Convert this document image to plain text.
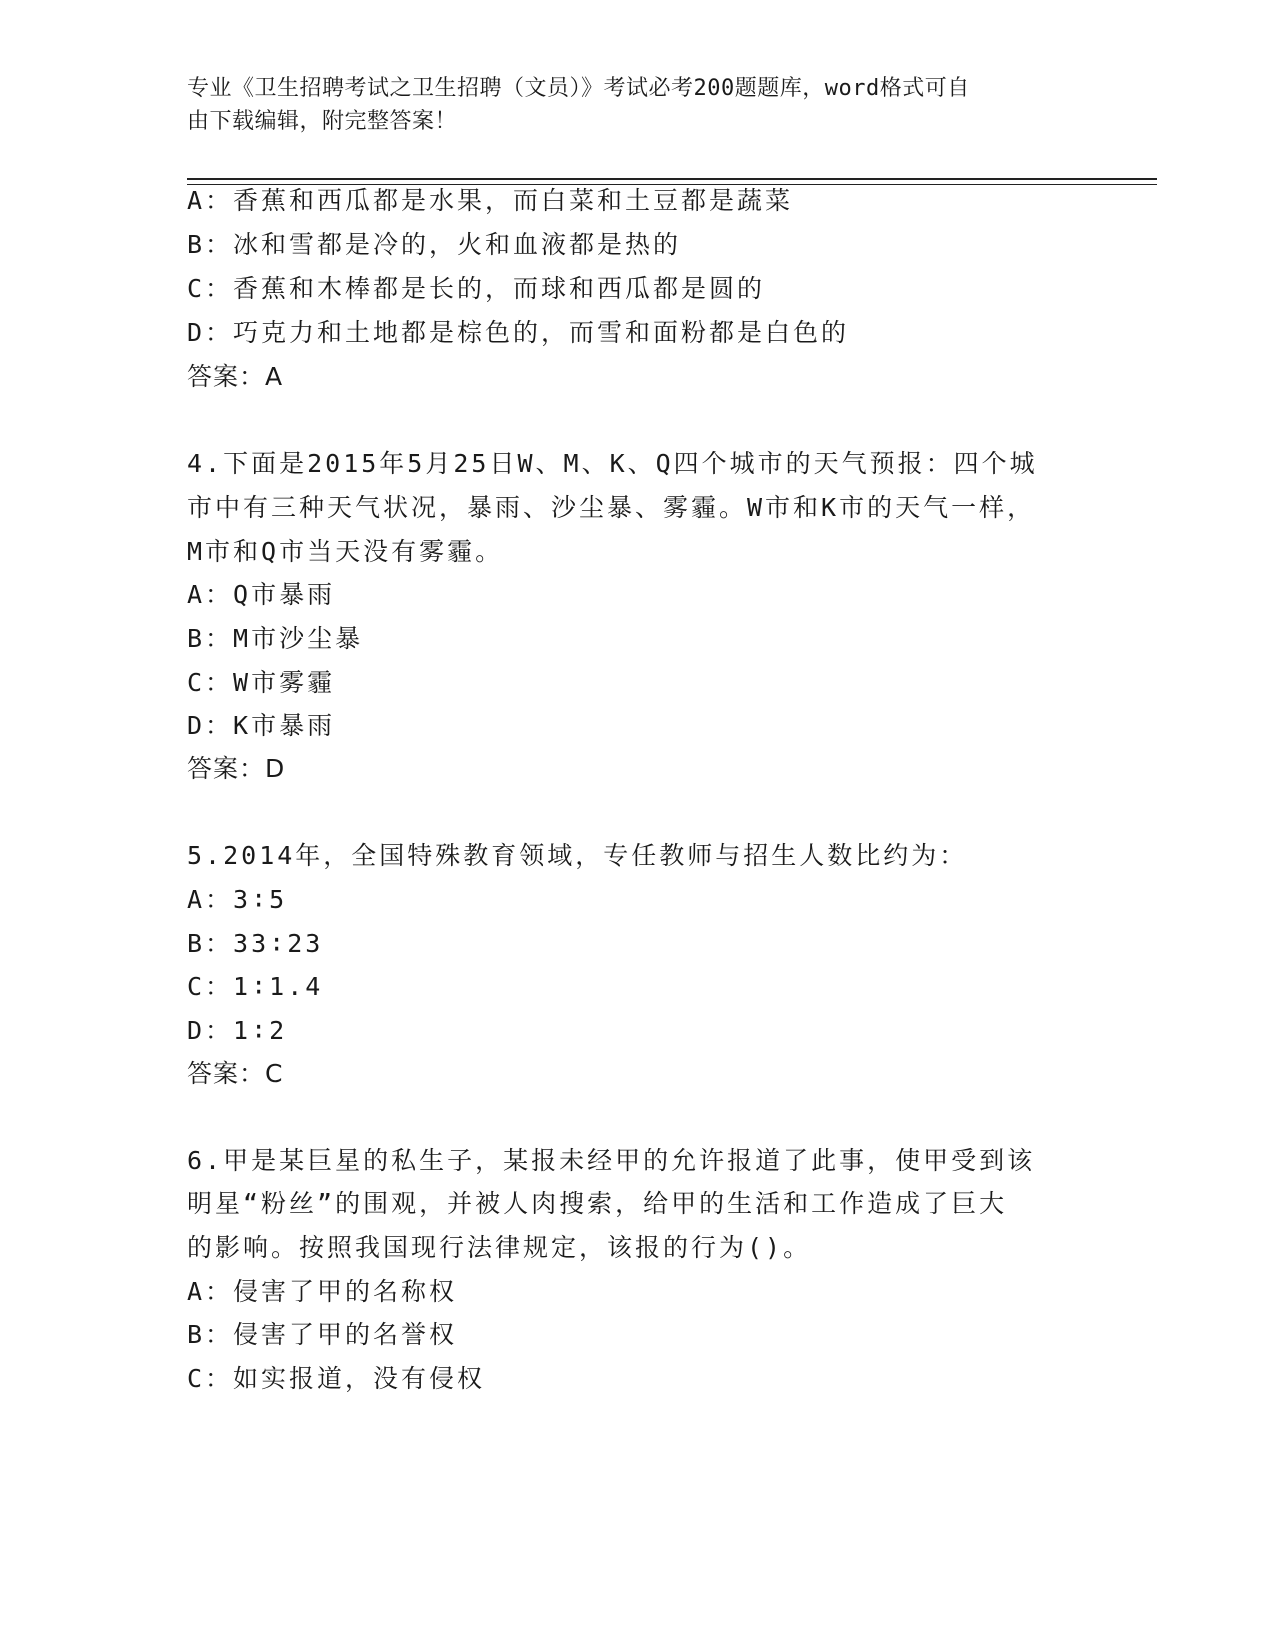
专业《卫生招聘考试之卫生招聘（文员）》考试必考200题题库，word格式可自
由下载编辑，附完整答案！
A：香蕉和西瓜都是水果，而白菜和土豆都是蔬菜
B：冰和雪都是冷的，火和血液都是热的
C：香蕉和木棒都是长的，而球和西瓜都是圆的
D：巧克力和土地都是棕色的，而雪和面粉都是白色的
答案：A
4.下面是2015年5月25日W、M、K、Q四个城市的天气预报：四个城
市中有三种天气状况，暴雨、沙尘暴、雾霾。W市和K市的天气一样，
M市和Q市当天没有雾霾。
A：Q市暴雨
B：M市沙尘暴
C：W市雾霾
D：K市暴雨
答案：D
5.2014年，全国特殊教育领域，专任教师与招生人数比约为：
A：3∶5
B：33∶23
C：1∶1.4
D：1∶2
答案：C
6.甲是某巨星的私生子，某报未经甲的允许报道了此事，使甲受到该
明星“粉丝”的围观，并被人肉搜索，给甲的生活和工作造成了巨大
的影响。按照我国现行法律规定，该报的行为()。
A：侵害了甲的名称权
B：侵害了甲的名誉权
C：如实报道，没有侵权
